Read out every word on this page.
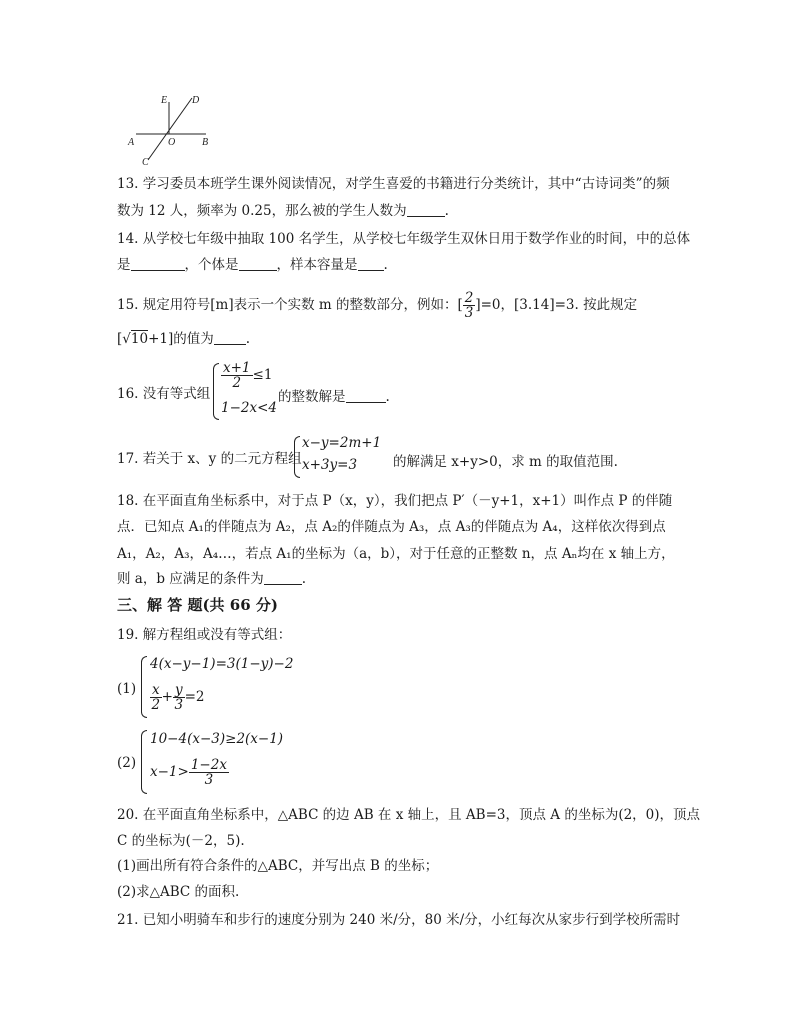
E D
A	O	B
C
13. 学习委员本班学生课外阅读情况，对学生喜爱的书籍进行分类统计，其中“古诗词类”的频
数为 12 人，频率为 0.25，那么被的学生人数为	.
14. 从学校七年级中抽取 100 名学生，从学校七年级学生双休日用于数学作业的时间，中的总体
是	，个体是	，样本容量是 .
15. 规定用符号[m]表示一个实数 m 的整数部分，例如：[ $\frac{2}{3} ]=0$，[3.14]=3. 按此规定
[√10+1]的值为 .
16. 没有等式组
$\frac{x+1}{2} \le 1$
1−2x<4
的整数解是	.
17. 若关于 x、y 的二元方程组
x−y=2m+1
x+3y=3	的解满足 x+y>0，求 m 的取值范围.
18. 在平面直角坐标系中，对于点 P（x，y），我们把点 P′（－y+1，x+1）叫作点 P 的伴随
点．已知点 A₁的伴随点为 A₂，点 A₂的伴随点为 A₃，点 A₃的伴随点为 A₄，这样依次得到点
A₁，A₂，A₃，A₄…，若点 A₁的坐标为（a，b），对于任意的正整数 n，点 Aₙ均在 x 轴上方，
则 a，b 应满足的条件为	.
三、解 答 题(共 66 分)
19. 解方程组或没有等式组：
(1)
4(x−y−1)=3(1−y)−2
$\frac{x}{2} + \frac{y}{3} =2$
(2)
10−4(x−3)≥2(x−1)
$x-1> \frac{1-2x}{3}$
20. 在平面直角坐标系中，△ABC 的边 AB 在 x 轴上，且 AB=3，顶点 A 的坐标为(2，0)，顶点
C 的坐标为(－2，5).
(1)画出所有符合条件的△ABC，并写出点 B 的坐标；
(2)求△ABC 的面积.
21. 已知小明骑车和步行的速度分别为 240 米/分，80 米/分，小红每次从家步行到学校所需时
